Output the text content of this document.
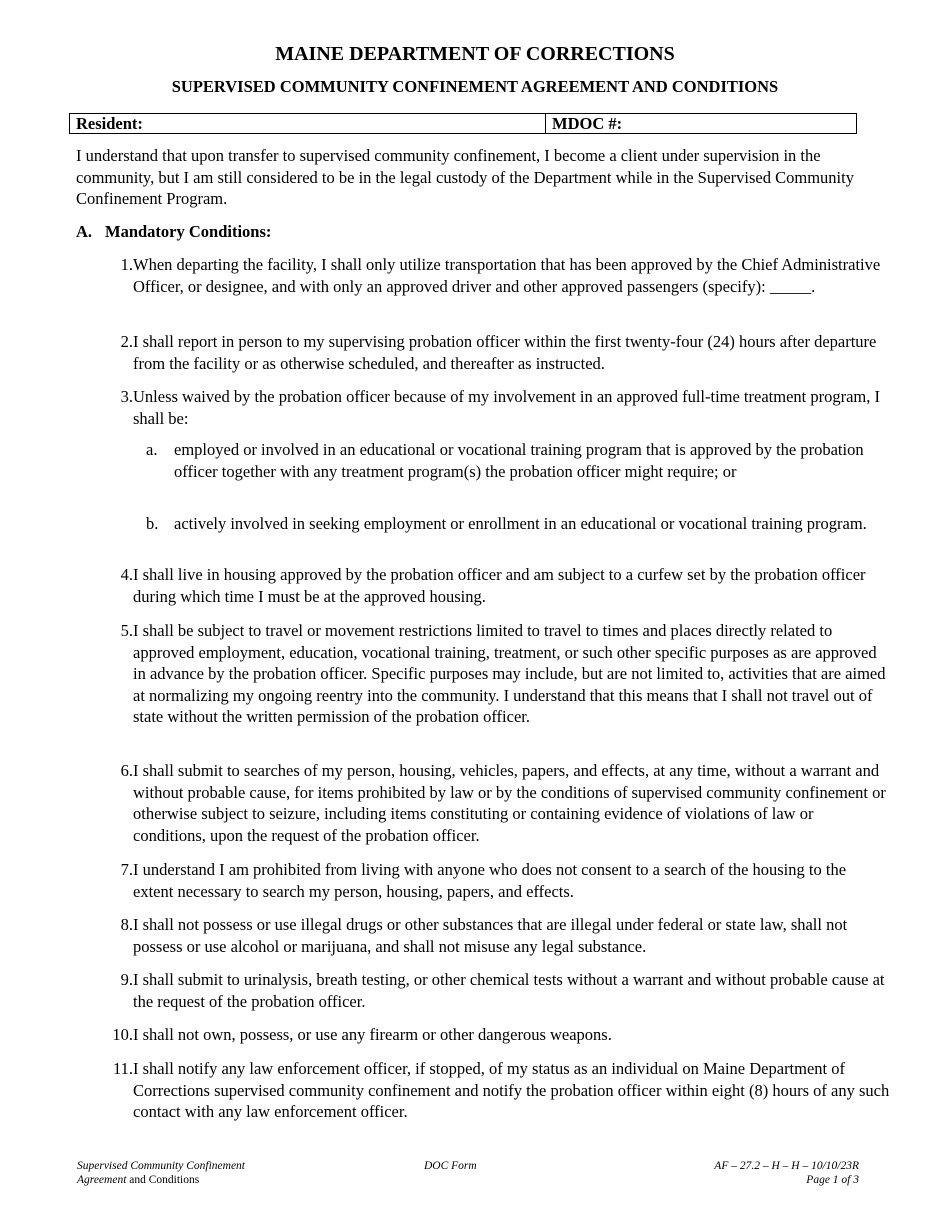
MAINE DEPARTMENT OF CORRECTIONS
SUPERVISED COMMUNITY CONFINEMENT AGREEMENT AND CONDITIONS
Resident:	MDOC #:
I understand that upon transfer to supervised community confinement, I become a client under supervision in the community, but I am still considered to be in the legal custody of the Department while in the Supervised Community Confinement Program.
A. Mandatory Conditions:
1. When departing the facility, I shall only utilize transportation that has been approved by the Chief Administrative Officer, or designee, and with only an approved driver and other approved passengers (specify): _____.
2. I shall report in person to my supervising probation officer within the first twenty-four (24) hours after departure from the facility or as otherwise scheduled, and thereafter as instructed.
3. Unless waived by the probation officer because of my involvement in an approved full-time treatment program, I shall be:
a.	employed or involved in an educational or vocational training program that is approved by the probation officer together with any treatment program(s) the probation officer might require; or
b. actively involved in seeking employment or enrollment in an educational or vocational training program.
4. I shall live in housing approved by the probation officer and am subject to a curfew set by the probation officer during which time I must be at the approved housing.
5. I shall be subject to travel or movement restrictions limited to travel to times and places directly related to approved employment, education, vocational training, treatment, or such other specific purposes as are approved in advance by the probation officer. Specific purposes may include, but are not limited to, activities that are aimed at normalizing my ongoing reentry into the community. I understand that this means that I shall not travel out of state without the written permission of the probation officer.
6. I shall submit to searches of my person, housing, vehicles, papers, and effects, at any time, without a warrant and without probable cause, for items prohibited by law or by the conditions of supervised community confinement or otherwise subject to seizure, including items constituting or containing evidence of violations of law or conditions, upon the request of the probation officer.
7. I understand I am prohibited from living with anyone who does not consent to a search of the housing to the extent necessary to search my person, housing, papers, and effects.
8. I shall not possess or use illegal drugs or other substances that are illegal under federal or state law, shall not possess or use alcohol or marijuana, and shall not misuse any legal substance.
9. I shall submit to urinalysis, breath testing, or other chemical tests without a warrant and without probable cause at the request of the probation officer.
10. I shall not own, possess, or use any firearm or other dangerous weapons.
11. I shall notify any law enforcement officer, if stopped, of my status as an individual on Maine Department of Corrections supervised community confinement and notify the probation officer within eight (8) hours of any such contact with any law enforcement officer.
Supervised Community Confinement
Agreement and Conditions
DOC Form	AF – 27.2 – H – H – 10/10/23R
Page 1 of 3
